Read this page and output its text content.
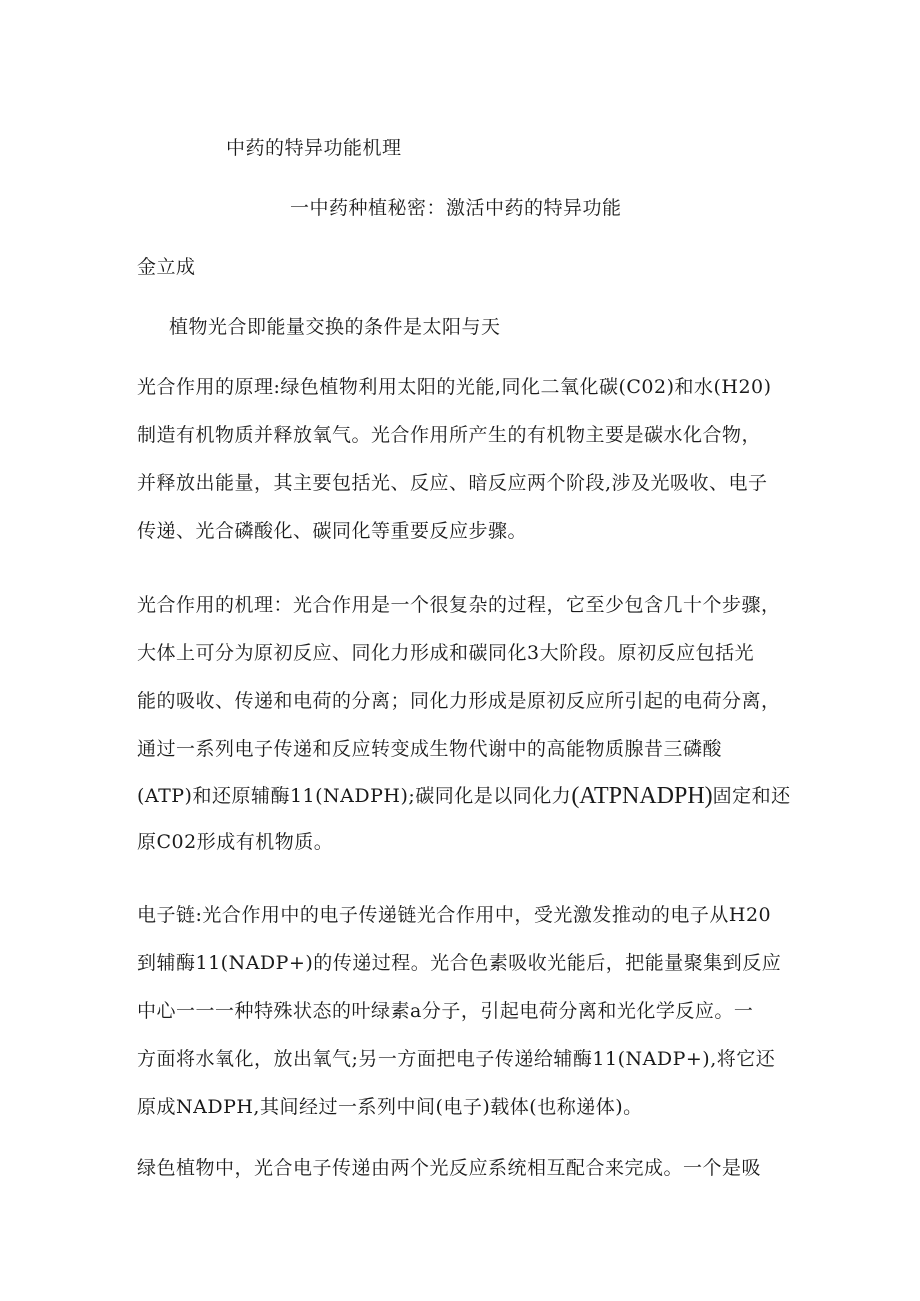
中药的特异功能机理
一中药种植秘密：激活中药的特异功能
金立成
植物光合即能量交换的条件是太阳与天
光合作用的原理:绿色植物利用太阳的光能,同化二氧化碳(C02)和水(H20)
制造有机物质并释放氧气。光合作用所产生的有机物主要是碳水化合物，
并释放出能量，其主要包括光、反应、暗反应两个阶段,涉及光吸收、电子
传递、光合磷酸化、碳同化等重要反应步骤。
光合作用的机理：光合作用是一个很复杂的过程，它至少包含几十个步骤，
大体上可分为原初反应、同化力形成和碳同化3大阶段。原初反应包括光
能的吸收、传递和电荷的分离；同化力形成是原初反应所引起的电荷分离，
通过一系列电子传递和反应转变成生物代谢中的高能物质腺昔三磷酸
(ATP)和还原辅酶11(NADPH);碳同化是以同化力(ATPNADPH)固定和还
原C02形成有机物质。
电子链:光合作用中的电子传递链光合作用中，受光激发推动的电子从H20
到辅酶11(NADP+)的传递过程。光合色素吸收光能后，把能量聚集到反应
中心一一一种特殊状态的叶绿素a分子，引起电荷分离和光化学反应。一
方面将水氧化，放出氧气;另一方面把电子传递给辅酶11(NADP+),将它还
原成NADPH,其间经过一系列中间(电子)载体(也称递体)。
绿色植物中，光合电子传递由两个光反应系统相互配合来完成。一个是吸
